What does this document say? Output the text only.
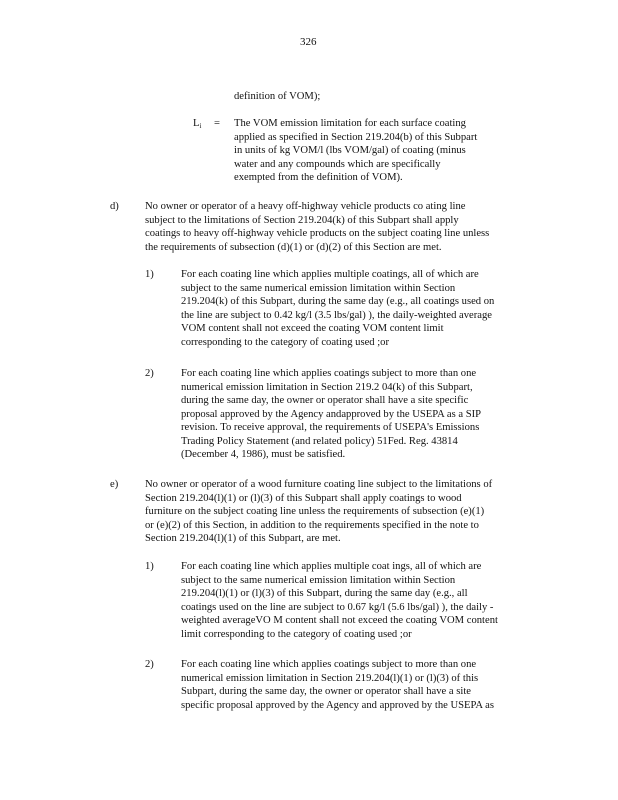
326
definition of VOM);
$L_i$ = The VOM emission limitation for each surface coating
applied as specified in Section 219.204(b) of this Subpart
in units of kg VOM/l (lbs VOM/gal) of coating (minus
water and any compounds which are specifically
exempted from the definition of VOM).
d) No owner or operator of a heavy off-highway vehicle products co ating line
subject to the limitations of Section 219.204(k) of this Subpart shall apply
coatings to heavy off-highway vehicle products on the subject coating line unless
the requirements of subsection (d)(1) or (d)(2) of this Section are met.
1)	For each coating line which applies multiple coatings, all of which are
subject to the same numerical emission limitation within Section
219.204(k) of this Subpart, during the same day (e.g., all coatings used on
the line are subject to 0.42 kg/l (3.5 lbs/gal) ), the daily-weighted average
VOM content shall not exceed the coating VOM content limit
corresponding to the category of coating used ;or
2)	For each coating line which applies coatings subject to more than one
numerical emission limitation in Section 219.2 04(k) of this Subpart,
during the same day, the owner or operator shall have a site specific
proposal approved by the Agency andapproved by the USEPA as a SIP
revision. To receive approval, the requirements of USEPA's Emissions
Trading Policy Statement (and related policy) 51Fed. Reg. 43814
(December 4, 1986), must be satisfied.
e)	No owner or operator of a wood furniture coating line subject to the limitations of
Section 219.204(l)(1) or (l)(3) of this Subpart shall apply coatings to wood
furniture on the subject coating line unless the requirements of subsection (e)(1)
or (e)(2) of this Section, in addition to the requirements specified in the note to
Section 219.204(l)(1) of this Subpart, are met.
1)	For each coating line which applies multiple coat ings, all of which are
subject to the same numerical emission limitation within Section
219.204(l)(1) or (l)(3) of this Subpart, during the same day (e.g., all
coatings used on the line are subject to 0.67 kg/l (5.6 lbs/gal) ), the daily -
weighted averageVO M content shall not exceed the coating VOM content
limit corresponding to the category of coating used ;or
2)	For each coating line which applies coatings subject to more than one
numerical emission limitation in Section 219.204(l)(1) or (l)(3) of this
Subpart, during the same day, the owner or operator shall have a site
specific proposal approved by the Agency and approved by the USEPA as
